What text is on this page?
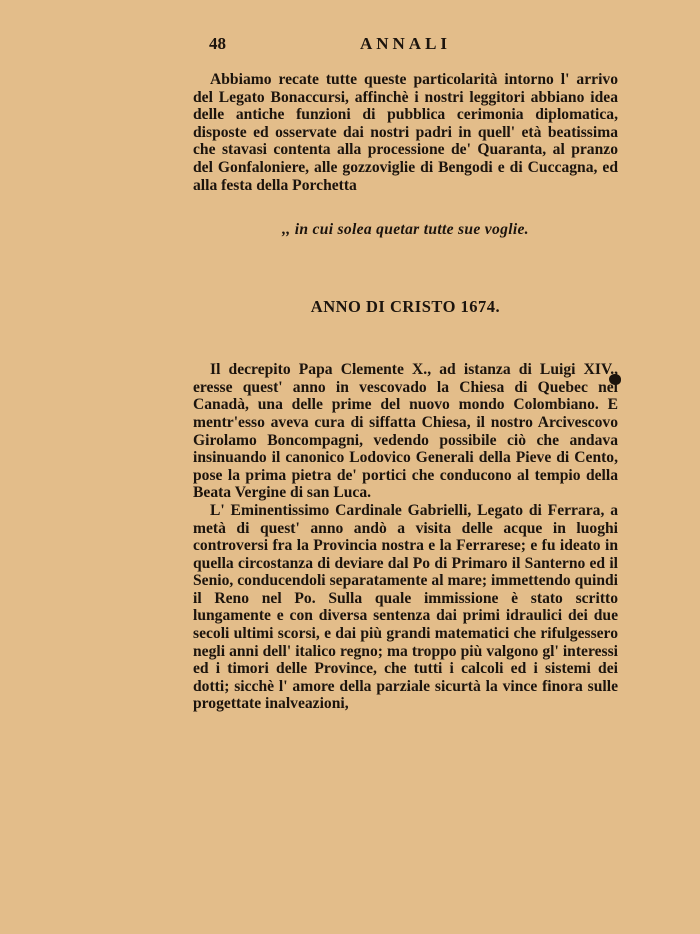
48	ANNALI

Abbiamo recate tutte queste particolarità intorno l' arrivo del Legato Bonaccursi, affinchè i nostri leggitori abbiano idea delle antiche funzioni di pubblica cerimonia diplomatica, disposte ed osservate dai nostri padri in quell' età beatissima che stavasi contenta alla processione de' Quaranta, al pranzo del Gonfaloniere, alle gozzoviglie di Bengodi e di Cuccagna, ed alla festa della Porchetta

,, in cui solea quetar tutte sue voglie.

ANNO DI CRISTO 1674.

Il decrepito Papa Clemente X., ad istanza di Luigi XIV., eresse quest' anno in vescovado la Chiesa di Quebec nel Canadà, una delle prime del nuovo mondo Colombiano. E mentr'esso aveva cura di siffatta Chiesa, il nostro Arcivescovo Girolamo Boncompagni, vedendo possibile ciò che andava insinuando il canonico Lodovico Generali della Pieve di Cento, pose la prima pietra de' portici che conducono al tempio della Beata Vergine di san Luca.

L' Eminentissimo Cardinale Gabrielli, Legato di Ferrara, a metà di quest' anno andò a visita delle acque in luoghi controversi fra la Provincia nostra e la Ferrarese; e fu ideato in quella circostanza di deviare dal Po di Primaro il Santerno ed il Senio, conducendoli separatamente al mare; immettendo quindi il Reno nel Po. Sulla quale immissione è stato scritto lungamente e con diversa sentenza dai primi idraulici dei due secoli ultimi scorsi, e dai più grandi matematici che rifulgessero negli anni dell' italico regno; ma troppo più valgono gl' interessi ed i timori delle Province, che tutti i calcoli ed i sistemi dei dotti; sicchè l' amore della parziale sicurtà la vince finora sulle progettate inalveazioni,
